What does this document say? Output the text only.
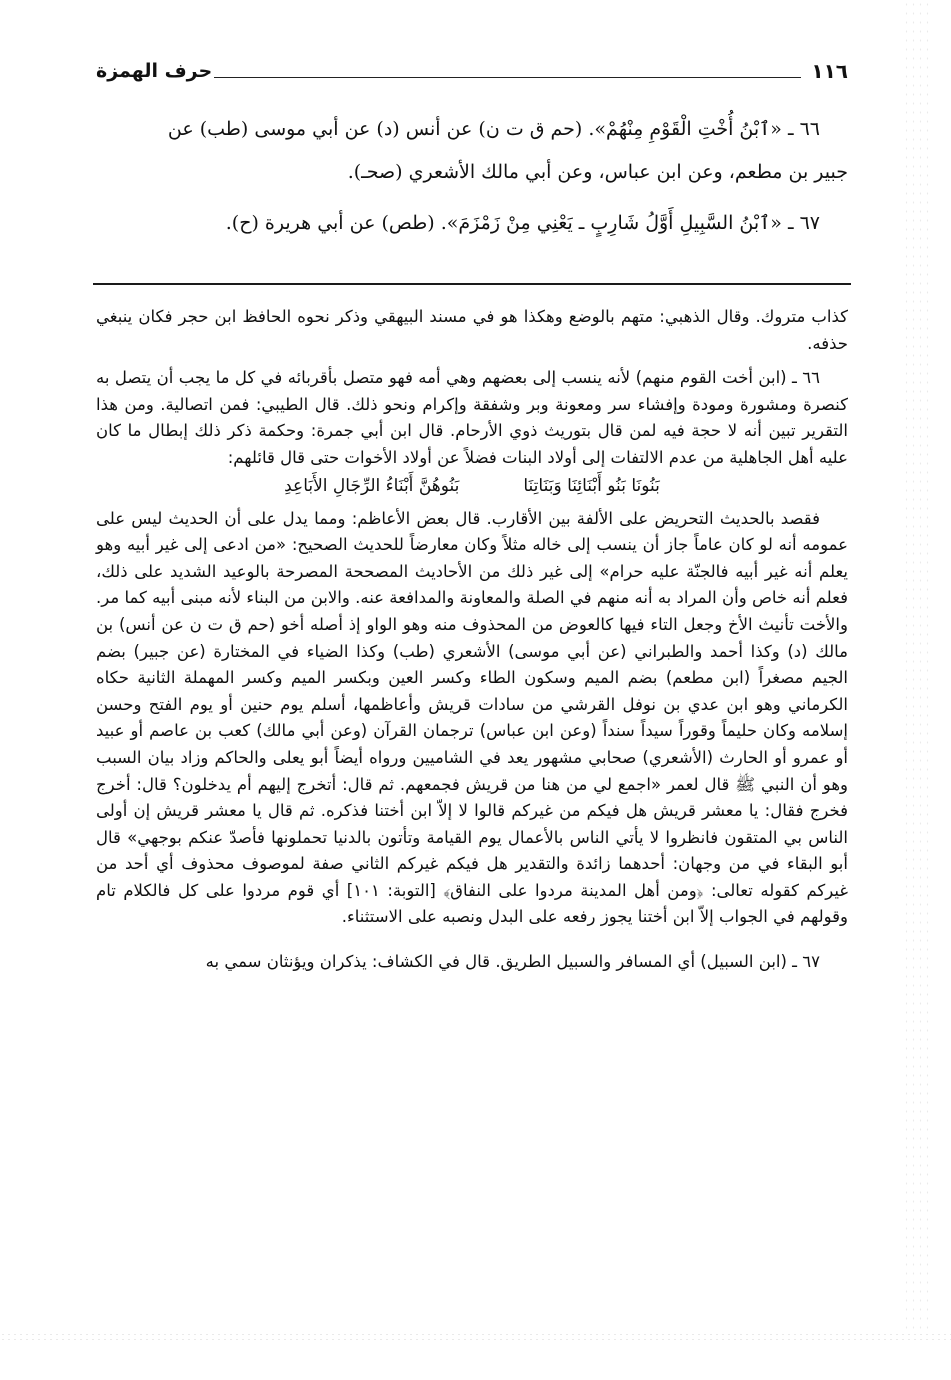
١١٦
حرف الهمزة

٦٦ ـ «ٱبْنُ أُخْتِ الْقَوْمِ مِنْهُمْ». (حم ق ت ن) عن أنس (د) عن أبي موسى (طب) عن

جبير بن مطعم، وعن ابن عباس، وعن أبي مالك الأشعري (صحـ).

٦٧ ـ «ٱبْنُ السَّبِيلِ أَوَّلُ شَارِبٍ ـ يَعْنِي مِنْ زَمْزَمَ». (طص) عن أبي هريرة (ح).

كذاب متروك. وقال الذهبي: متهم بالوضع وهكذا هو في مسند البيهقي وذكر نحوه الحافظ ابن حجر فكان ينبغي حذفه.

٦٦ ـ (ابن أخت القوم منهم) لأنه ينسب إلى بعضهم وهي أمه فهو متصل بأقربائه في كل ما يجب أن يتصل به كنصرة ومشورة ومودة وإفشاء سر ومعونة وبر وشفقة وإكرام ونحو ذلك. قال الطيبي: فمن اتصالية. ومن هذا التقرير تبين أنه لا حجة فيه لمن قال بتوريث ذوي الأرحام. قال ابن أبي جمرة: وحكمة ذكر ذلك إبطال ما كان عليه أهل الجاهلية من عدم الالتفات إلى أولاد البنات فضلاً عن أولاد الأخوات حتى قال قائلهم:

بَنُونَا بَنُو أَبْنَائِنَا وَبَنَاتِنَا
بَنُوهُنَّ أَبْنَاءُ الرِّجَالِ الأَبَاعِدِ

فقصد بالحديث التحريض على الألفة بين الأقارب. قال بعض الأعاظم: ومما يدل على أن الحديث ليس على عمومه أنه لو كان عاماً جاز أن ينسب إلى خاله مثلاً وكان معارضاً للحديث الصحيح: «من ادعى إلى غير أبيه وهو يعلم أنه غير أبيه فالجنّة عليه حرام» إلى غير ذلك من الأحاديث المصححة المصرحة بالوعيد الشديد على ذلك، فعلم أنه خاص وأن المراد به أنه منهم في الصلة والمعاونة والمدافعة عنه. والابن من البناء لأنه مبنى أبيه كما مر. والأخت تأنيث الأخ وجعل التاء فيها كالعوض من المحذوف منه وهو الواو إذ أصله أخو (حم ق ت ن عن أنس) بن مالك (د) وكذا أحمد والطبراني (عن أبي موسى) الأشعري (طب) وكذا الضياء في المختارة (عن جبير) بضم الجيم مصغراً (ابن مطعم) بضم الميم وسكون الطاء وكسر العين وبكسر الميم وكسر المهملة الثانية حكاه الكرماني وهو ابن عدي بن نوفل القرشي من سادات قريش وأعاظمها، أسلم يوم حنين أو يوم الفتح وحسن إسلامه وكان حليماً وقوراً سيداً سنداً (وعن ابن عباس) ترجمان القرآن (وعن أبي مالك) كعب بن عاصم أو عبيد أو عمرو أو الحارث (الأشعري) صحابي مشهور يعد في الشاميين ورواه أيضاً أبو يعلى والحاكم وزاد بيان السبب وهو أن النبي ﷺ قال لعمر «اجمع لي من هنا من قريش فجمعهم. ثم قال: أتخرج إليهم أم يدخلون؟ قال: أخرج فخرج فقال: يا معشر قريش هل فيكم من غيركم قالوا لا إلاّ ابن أختنا فذكره. ثم قال يا معشر قريش إن أولى الناس بي المتقون فانظروا لا يأتي الناس بالأعمال يوم القيامة وتأتون بالدنيا تحملونها فأصدّ عنكم بوجهي» قال أبو البقاء في من وجهان: أحدهما زائدة والتقدير هل فيكم غيركم الثاني صفة لموصوف محذوف أي أحد من غيركم كقوله تعالى: ﴿ومن أهل المدينة مردوا على النفاق﴾ [التوبة: ١٠١] أي قوم مردوا على كل فالكلام تام وقولهم في الجواب إلاّ ابن أختنا يجوز رفعه على البدل ونصبه على الاستثناء.

٦٧ ـ (ابن السبيل) أي المسافر والسبيل الطريق. قال في الكشاف: يذكران ويؤنثان سمي به
